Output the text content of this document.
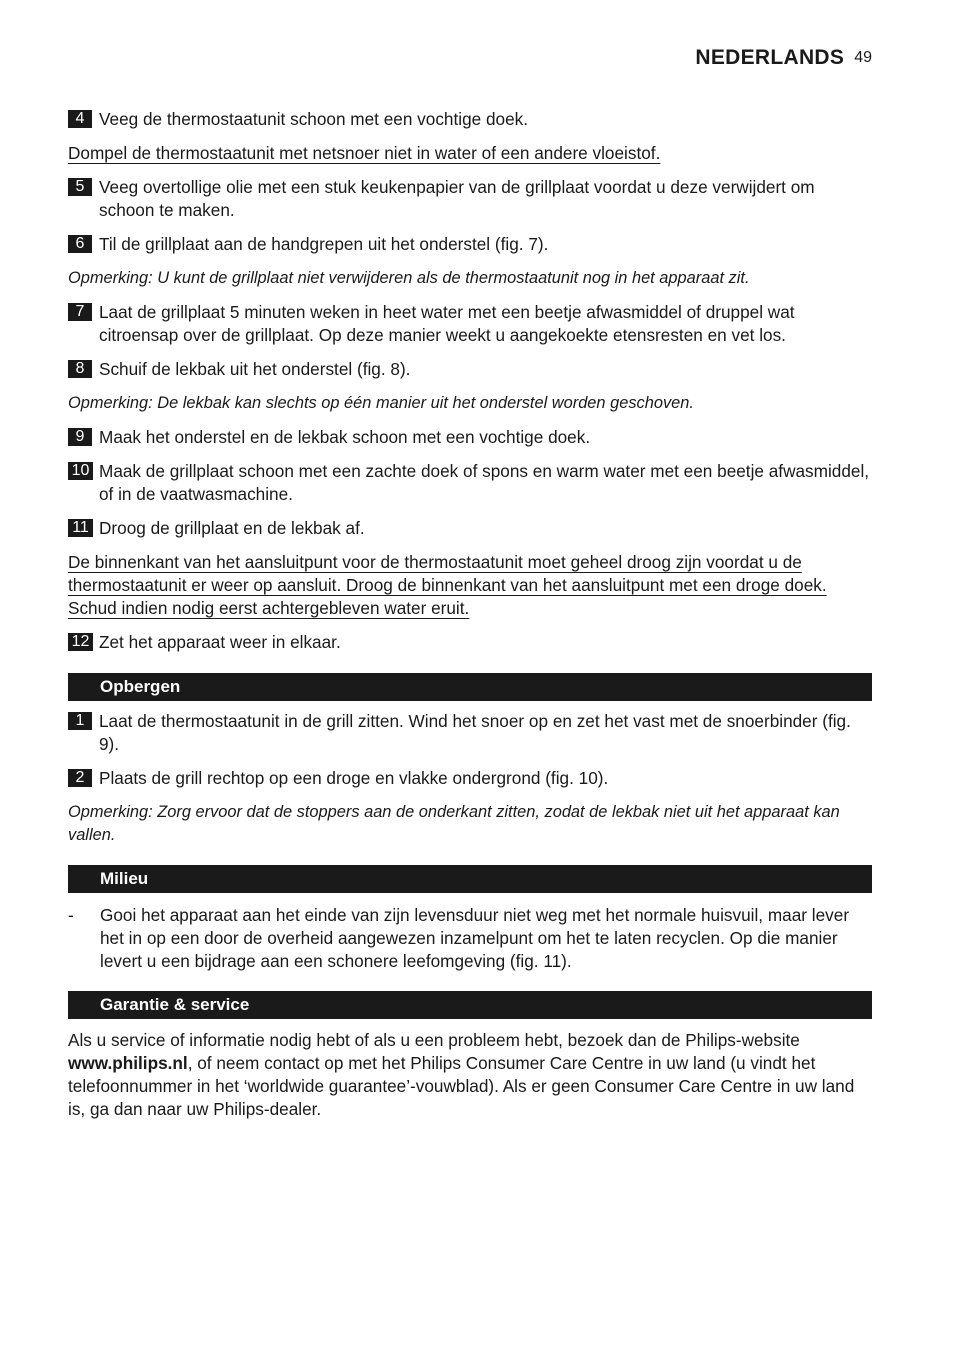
NEDERLANDS 49
4 Veeg de thermostaatunit schoon met een vochtige doek.
Dompel de thermostaatunit met netsnoer niet in water of een andere vloeistof.
5 Veeg overtollige olie met een stuk keukenpapier van de grillplaat voordat u deze verwijdert om schoon te maken.
6 Til de grillplaat aan de handgrepen uit het onderstel (fig. 7).
Opmerking: U kunt de grillplaat niet verwijderen als de thermostaatunit nog in het apparaat zit.
7 Laat de grillplaat 5 minuten weken in heet water met een beetje afwasmiddel of druppel wat citroensap over de grillplaat. Op deze manier weekt u aangekoekte etensresten en vet los.
8 Schuif de lekbak uit het onderstel (fig. 8).
Opmerking: De lekbak kan slechts op één manier uit het onderstel worden geschoven.
9 Maak het onderstel en de lekbak schoon met een vochtige doek.
10 Maak de grillplaat schoon met een zachte doek of spons en warm water met een beetje afwasmiddel, of in de vaatwasmachine.
11 Droog de grillplaat en de lekbak af.
De binnenkant van het aansluitpunt voor de thermostaatunit moet geheel droog zijn voordat u de thermostaatunit er weer op aansluit. Droog de binnenkant van het aansluitpunt met een droge doek. Schud indien nodig eerst achtergebleven water eruit.
12 Zet het apparaat weer in elkaar.
Opbergen
1 Laat de thermostaatunit in de grill zitten. Wind het snoer op en zet het vast met de snoerbinder (fig. 9).
2 Plaats de grill rechtop op een droge en vlakke ondergrond (fig. 10).
Opmerking: Zorg ervoor dat de stoppers aan de onderkant zitten, zodat de lekbak niet uit het apparaat kan vallen.
Milieu
-	Gooi het apparaat aan het einde van zijn levensduur niet weg met het normale huisvuil, maar lever het in op een door de overheid aangewezen inzamelpunt om het te laten recyclen. Op die manier levert u een bijdrage aan een schonere leefomgeving (fig. 11).
Garantie & service
Als u service of informatie nodig hebt of als u een probleem hebt, bezoek dan de Philips-website www.philips.nl, of neem contact op met het Philips Consumer Care Centre in uw land (u vindt het telefoonnummer in het ‘worldwide guarantee’-vouwblad). Als er geen Consumer Care Centre in uw land is, ga dan naar uw Philips-dealer.
